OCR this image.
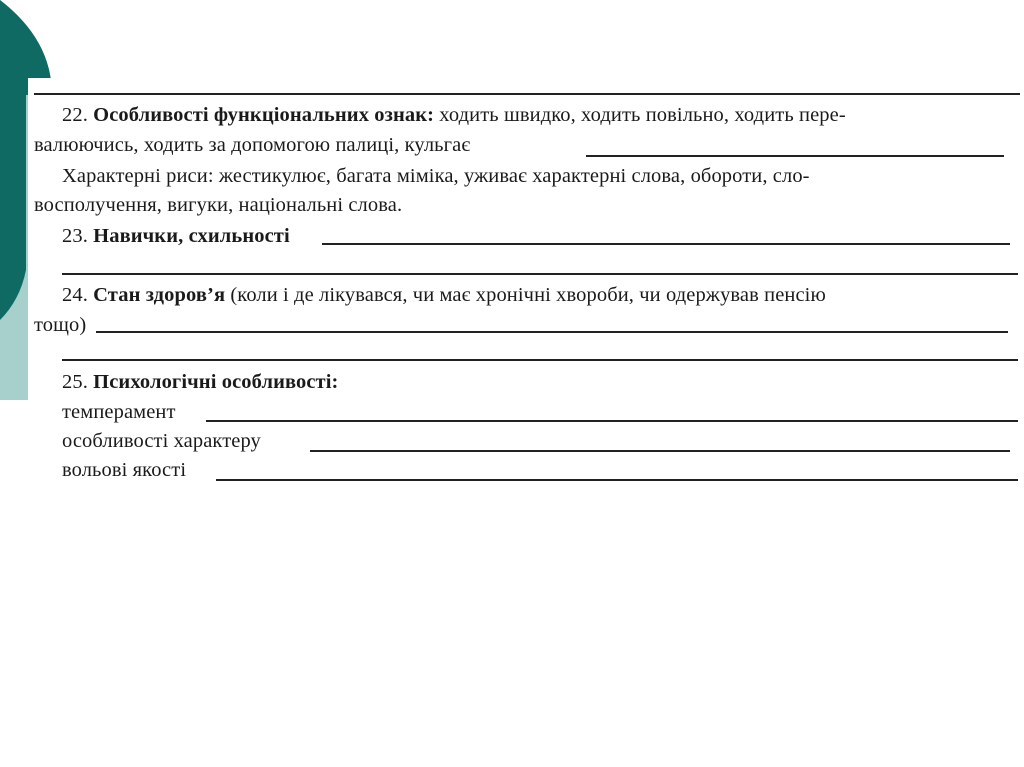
22. Особливості функціональних ознак: ходить швидко, ходить повільно, ходить пере-
валюючись, ходить за допомогою палиці, кульгає
Характерні риси: жестикулює, багата міміка, уживає характерні слова, обороти, сло-
восполучення, вигуки, національні слова.
23. Навички, схильності
24. Стан здоров’я (коли і де лікувався, чи має хронічні хвороби, чи одержував пенсію
тощо)
25. Психологічні особливості:
темперамент
особливості характеру
вольові якості
